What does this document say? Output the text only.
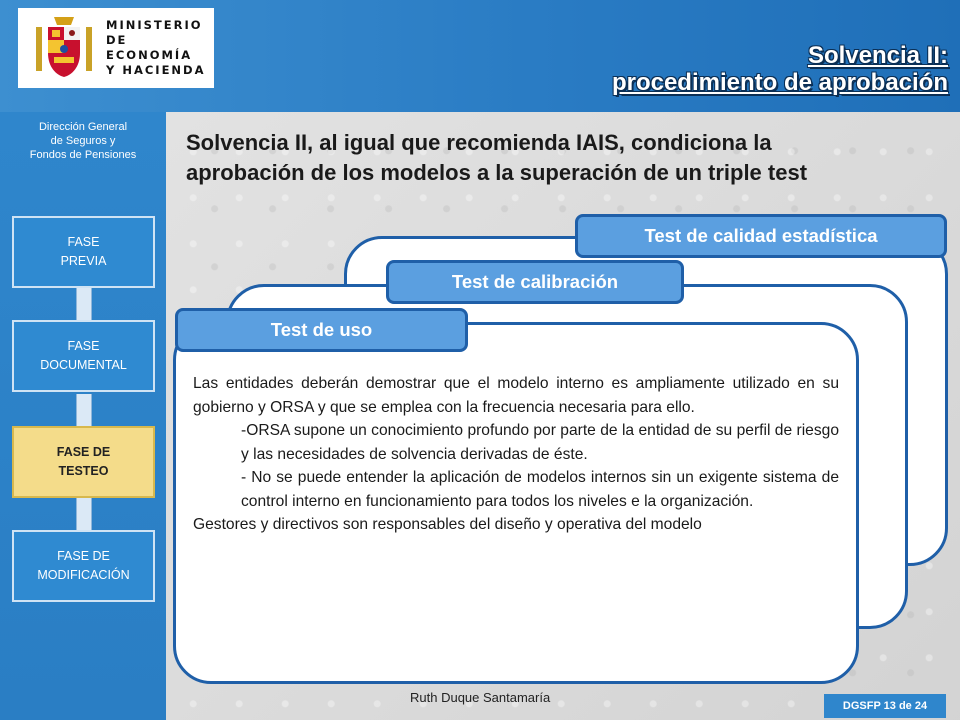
MINISTERIO
DE ECONOMÍA
Y HACIENDA
Solvencia II:
procedimiento de aprobación
Dirección General
de Seguros y
Fondos de Pensiones
FASE
PREVIA
FASE
DOCUMENTAL
FASE DE
TESTEO
FASE DE
MODIFICACIÓN
Solvencia II, al igual que recomienda IAIS, condiciona la
aprobación de los modelos a la superación de un triple test
Test de calidad estadística
Test de calibración
Test de uso

Las entidades deberán demostrar que el modelo interno es ampliamente utilizado en su gobierno y ORSA y que se emplea con la frecuencia necesaria para ello.

-ORSA supone un conocimiento profundo por parte de la entidad de su perfil de riesgo y las necesidades de solvencia derivadas de éste.

- No se puede entender la aplicación de modelos internos sin un exigente sistema de control interno en funcionamiento para todos los niveles e la organización.

Gestores y directivos son responsables del diseño y operativa del modelo

Ruth Duque Santamaría
DGSFP 13 de 24
